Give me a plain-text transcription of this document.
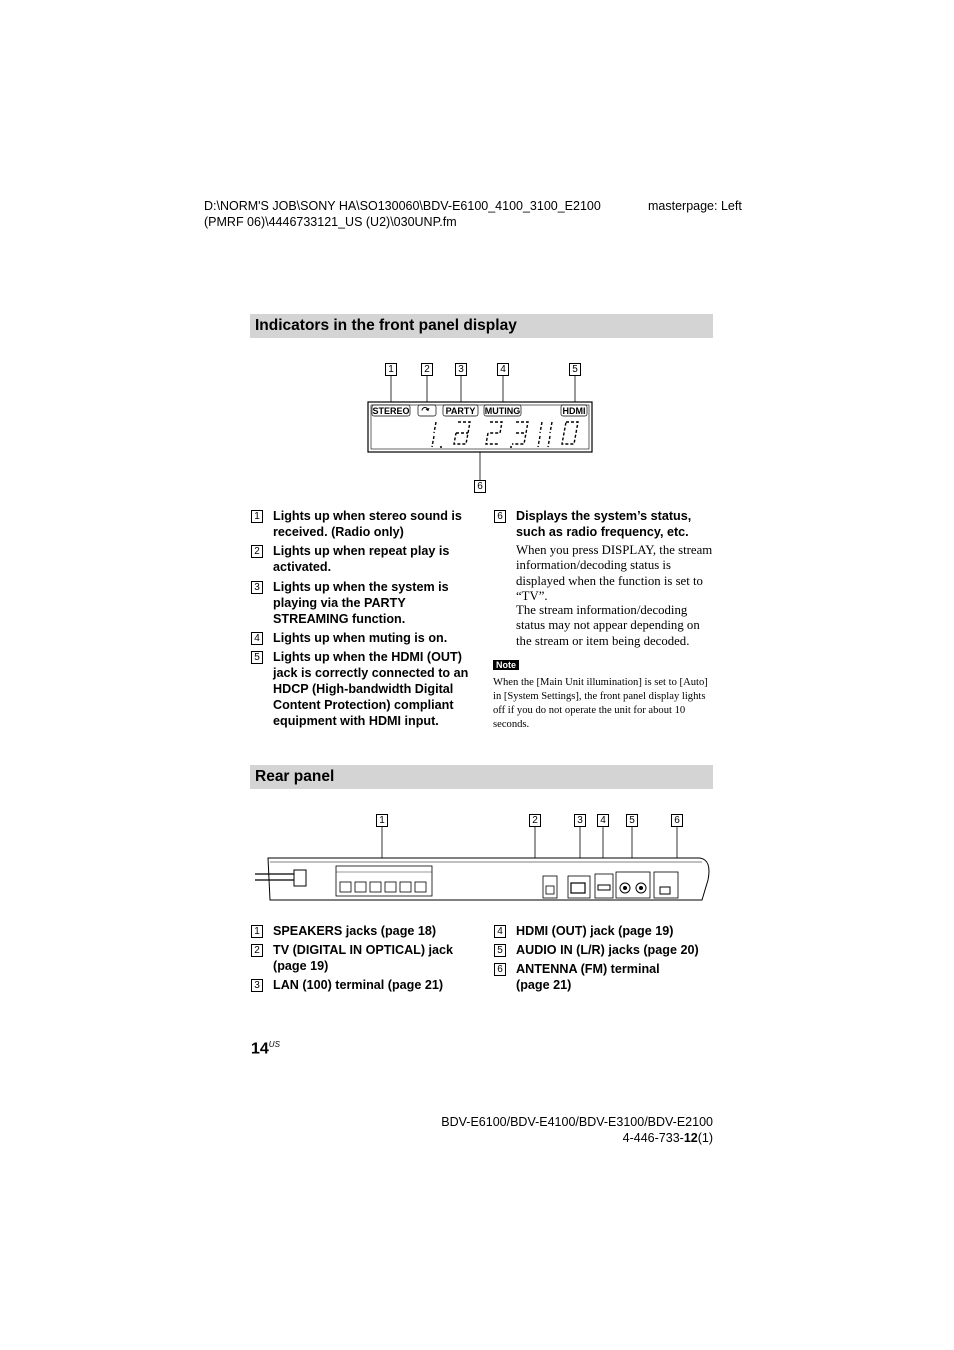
D:\NORM'S JOB\SONY HA\SO130060\BDV-E6100_4100_3100_E2100
(PMRF 06)\4446733121_US (U2)\030UNP.fm
masterpage: Left
Indicators in the front panel display
1	2	3	4	5
6
STEREO	PARTY MUTING	HDMI
1 Lights up when stereo sound is received. (Radio only)
2 Lights up when repeat play is activated.
3 Lights up when the system is playing via the PARTY STREAMING function.
4 Lights up when muting is on.
5 Lights up when the HDMI (OUT) jack is correctly connected to an HDCP (High-bandwidth Digital Content Protection) compliant equipment with HDMI input.
6 Displays the system’s status, such as radio frequency, etc.
When you press DISPLAY, the stream information/decoding status is displayed when the function is set to “TV”.
The stream information/decoding status may not appear depending on the stream or item being decoded.
Note
When the [Main Unit illumination] is set to [Auto] in [System Settings], the front panel display lights off if you do not operate the unit for about 10 seconds.
Rear panel
1	2	3	4	5	6
1 SPEAKERS jacks (page 18)
2 TV (DIGITAL IN OPTICAL) jack (page 19)
3 LAN (100) terminal (page 21)
4 HDMI (OUT) jack (page 19)
5 AUDIO IN (L/R) jacks (page 20)
6 ANTENNA (FM) terminal (page 21)
$14^{US}$
BDV-E6100/BDV-E4100/BDV-E3100/BDV-E2100
4-446-733-12(1)
